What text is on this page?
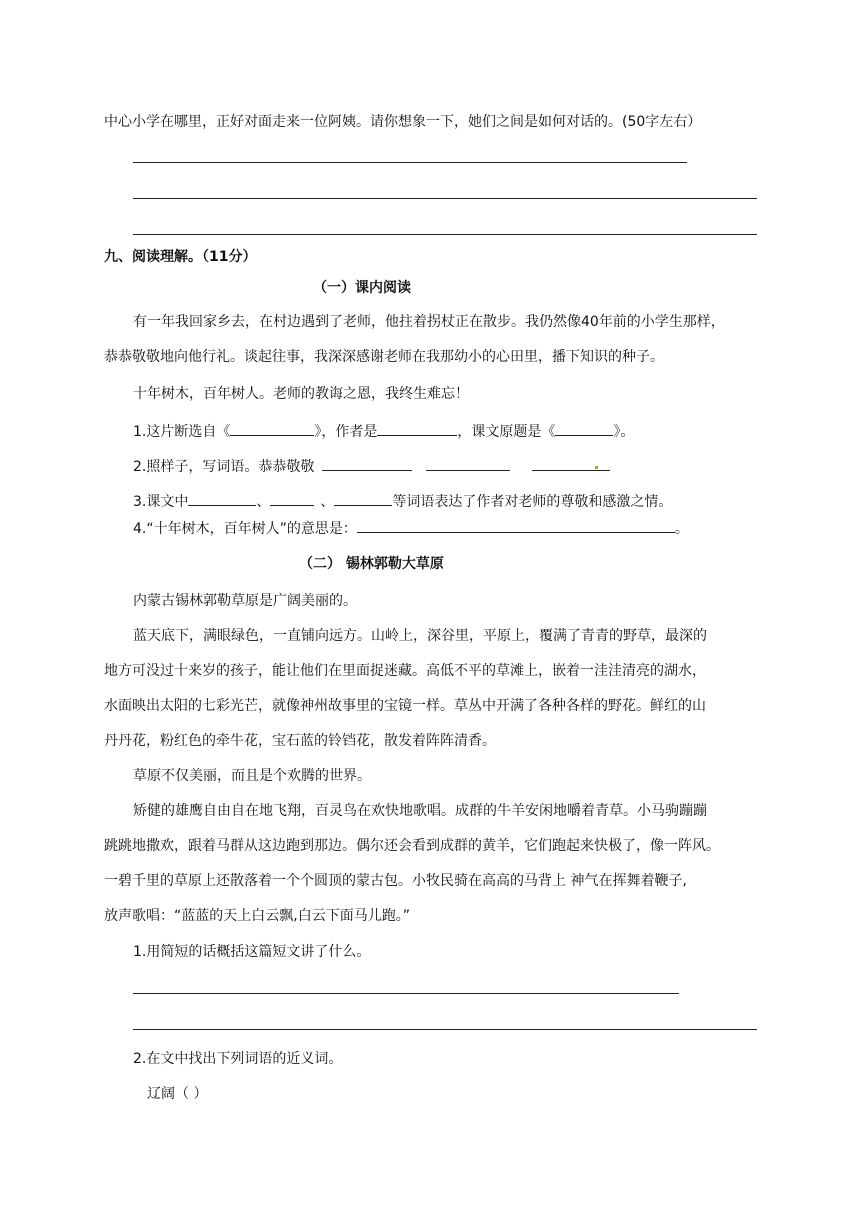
中心小学在哪里，正好对面走来一位阿姨。请你想象一下，她们之间是如何对话的。(50字左右）
九、阅读理解。（11分）
（一）课内阅读
有一年我回家乡去，在村边遇到了老师，他拄着拐杖正在散步。我仍然像40年前的小学生那样，
恭恭敬敬地向他行礼。谈起往事，我深深感谢老师在我那幼小的心田里，播下知识的种子。
十年树木，百年树人。老师的教诲之恩，我终生难忘！
1.这片断选自《	》，作者是	，课文原题是《	》。
2.照样子，写词语。恭恭敬敬
3.课文中	、	、	等词语表达了作者对老师的尊敬和感激之情。
4.“十年树木，百年树人”的意思是：	。
（二） 锡林郭勒大草原
内蒙古锡林郭勒草原是广阔美丽的。
蓝天底下，满眼绿色，一直铺向远方。山岭上，深谷里，平原上，覆满了青青的野草，最深的
地方可没过十来岁的孩子，能让他们在里面捉迷藏。高低不平的草滩上，嵌着一洼洼清亮的湖水，
水面映出太阳的七彩光芒，就像神州故事里的宝镜一样。草丛中开满了各种各样的野花。鲜红的山
丹丹花，粉红色的牵牛花，宝石蓝的铃铛花，散发着阵阵清香。
草原不仅美丽，而且是个欢腾的世界。
矫健的雄鹰自由自在地飞翔，百灵鸟在欢快地歌唱。成群的牛羊安闲地嚼着青草。小马驹蹦蹦
跳跳地撒欢，跟着马群从这边跑到那边。偶尔还会看到成群的黄羊，它们跑起来快极了，像一阵风。
一碧千里的草原上还散落着一个个圆顶的蒙古包。小牧民骑在高高的马背上 神气在挥舞着鞭子,
放声歌唱：“蓝蓝的天上白云飘,白云下面马儿跑。”
1.用简短的话概括这篇短文讲了什么。
2.在文中找出下列词语的近义词。
辽阔（ ）
